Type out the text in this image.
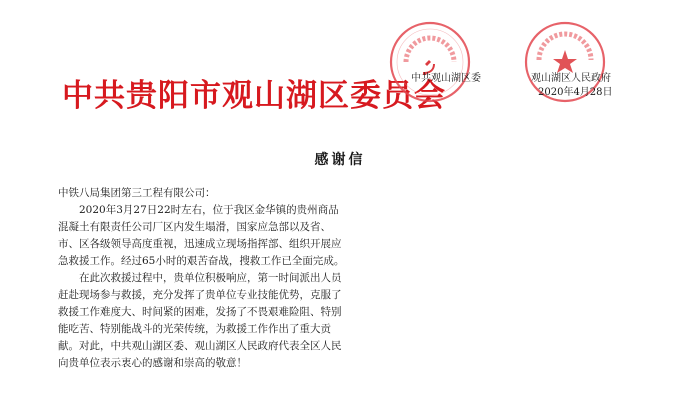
中共贵阳市观山湖区委员会
中共观山湖区委	观山湖区人民政府
2020年4月28日
感谢信

中铁八局集团第三工程有限公司：

2020年3月27日22时左右，位于我区金华镇的贵州商品混凝土有限责任公司厂区内发生塌滑，国家应急部以及省、市、区各级领导高度重视，迅速成立现场指挥部、组织开展应急救援工作。经过65小时的艰苦奋战，搜救工作已全面完成。

在此次救援过程中，贵单位积极响应，第一时间派出人员赶赴现场参与救援，充分发挥了贵单位专业技能优势，克服了救援工作难度大、时间紧的困难，发扬了不畏艰难险阻、特别能吃苦、特别能战斗的光荣传统，为救援工作作出了重大贡献。对此，中共观山湖区委、观山湖区人民政府代表全区人民向贵单位表示衷心的感谢和崇高的敬意！
